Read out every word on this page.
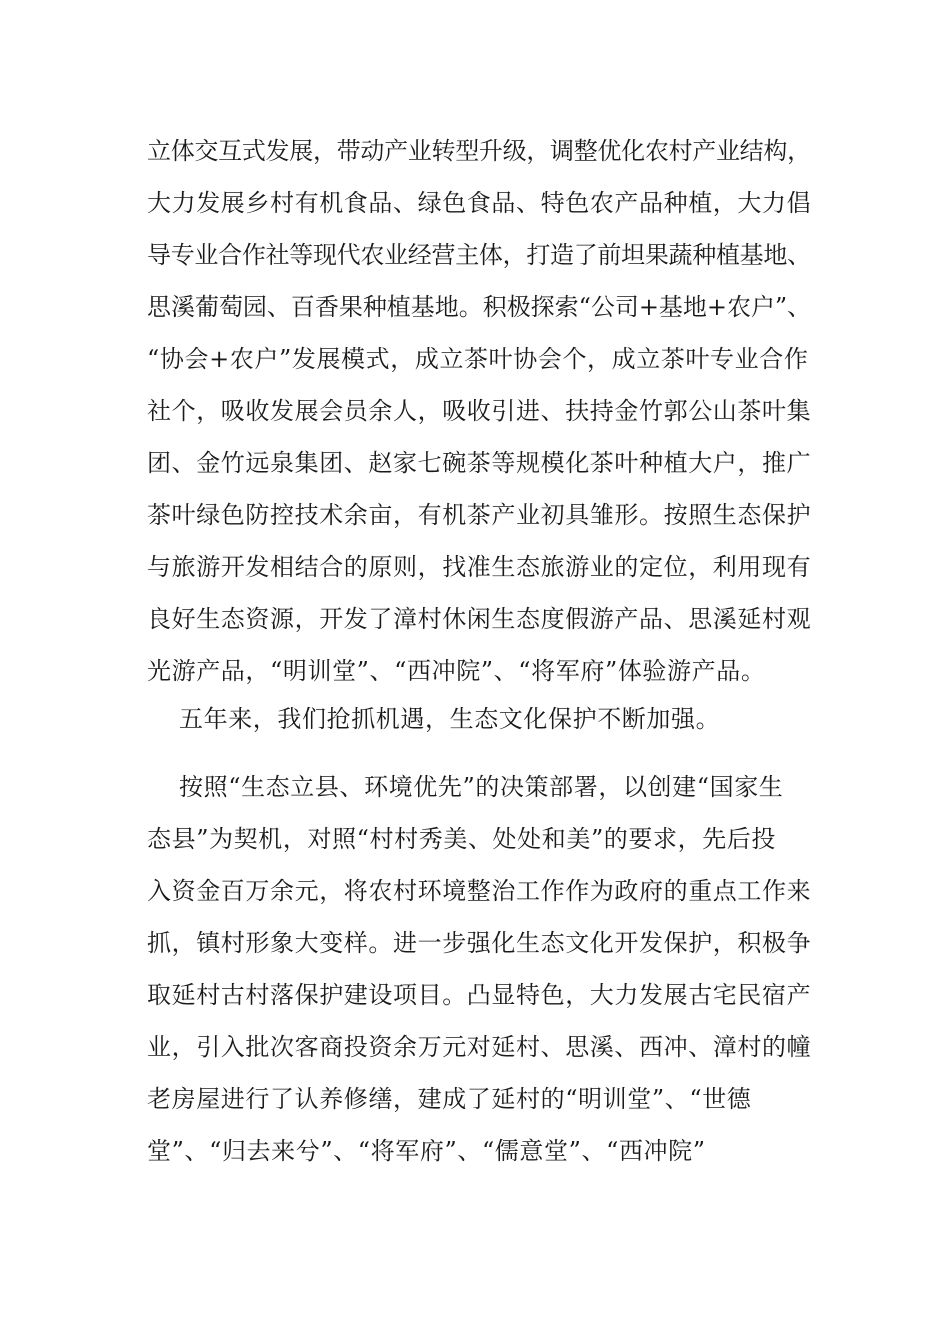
立体交互式发展，带动产业转型升级，调整优化农村产业结构，
大力发展乡村有机食品、绿色食品、特色农产品种植，大力倡
导专业合作社等现代农业经营主体，打造了前坦果蔬种植基地、
思溪葡萄园、百香果种植基地。积极探索“公司+基地+农户”、
“协会+农户”发展模式，成立茶叶协会个，成立茶叶专业合作
社个，吸收发展会员余人，吸收引进、扶持金竹郭公山茶叶集
团、金竹远泉集团、赵家七碗茶等规模化茶叶种植大户，推广
茶叶绿色防控技术余亩，有机茶产业初具雏形。按照生态保护
与旅游开发相结合的原则，找准生态旅游业的定位，利用现有
良好生态资源，开发了漳村休闲生态度假游产品、思溪延村观
光游产品，“明训堂”、“西冲院”、“将军府”体验游产品。
五年来，我们抢抓机遇，生态文化保护不断加强。
按照“生态立县、环境优先”的决策部署，以创建“国家生
态县”为契机，对照“村村秀美、处处和美”的要求，先后投
入资金百万余元，将农村环境整治工作作为政府的重点工作来
抓，镇村形象大变样。进一步强化生态文化开发保护，积极争
取延村古村落保护建设项目。凸显特色，大力发展古宅民宿产
业，引入批次客商投资余万元对延村、思溪、西冲、漳村的幢
老房屋进行了认养修缮，建成了延村的“明训堂”、“世德
堂”、“归去来兮”、“将军府”、“儒意堂”、“西冲院”
